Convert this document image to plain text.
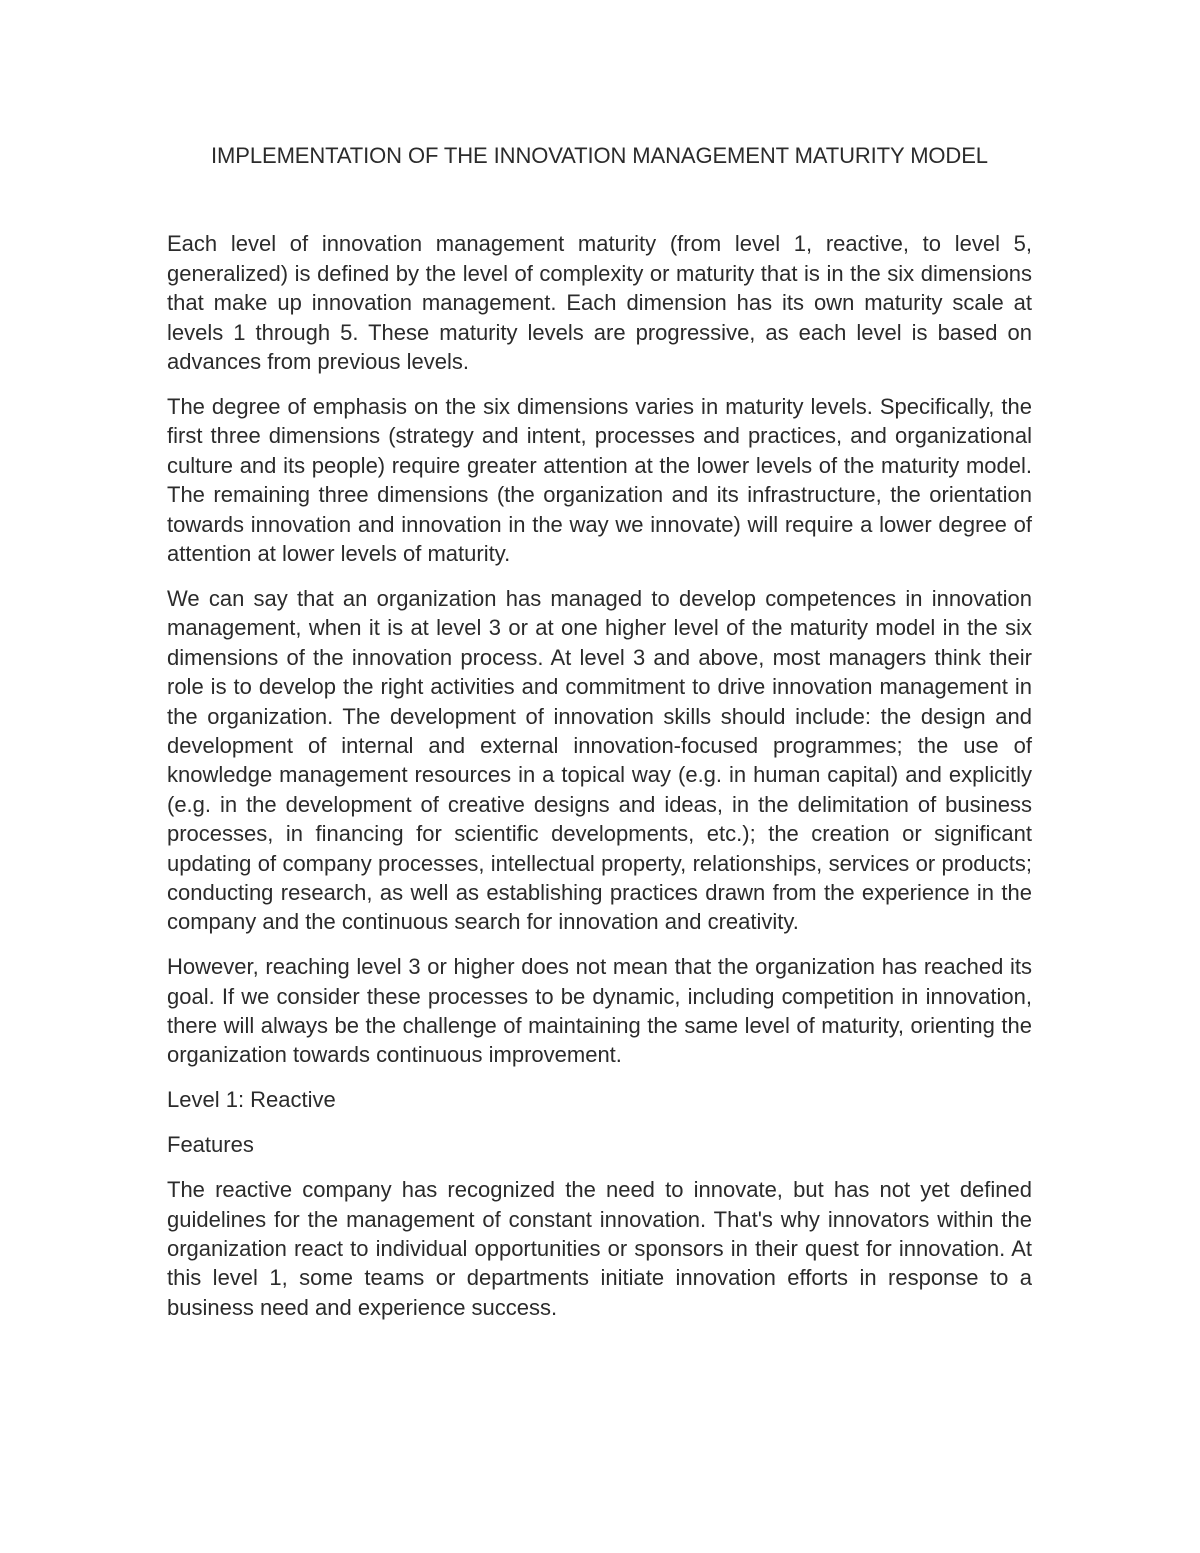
IMPLEMENTATION OF THE INNOVATION MANAGEMENT MATURITY MODEL

Each level of innovation management maturity (from level 1, reactive, to level 5, generalized) is defined by the level of complexity or maturity that is in the six dimensions that make up innovation management. Each dimension has its own maturity scale at levels 1 through 5. These maturity levels are progressive, as each level is based on advances from previous levels.

The degree of emphasis on the six dimensions varies in maturity levels. Specifically, the first three dimensions (strategy and intent, processes and practices, and organizational culture and its people) require greater attention at the lower levels of the maturity model. The remaining three dimensions (the organization and its infrastructure, the orientation towards innovation and innovation in the way we innovate) will require a lower degree of attention at lower levels of maturity.

We can say that an organization has managed to develop competences in innovation management, when it is at level 3 or at one higher level of the maturity model in the six dimensions of the innovation process. At level 3 and above, most managers think their role is to develop the right activities and commitment to drive innovation management in the organization. The development of innovation skills should include: the design and development of internal and external innovation-focused programmes; the use of knowledge management resources in a topical way (e.g. in human capital) and explicitly (e.g. in the development of creative designs and ideas, in the delimitation of business processes, in financing for scientific developments, etc.); the creation or significant updating of company processes, intellectual property, relationships, services or products; conducting research, as well as establishing practices drawn from the experience in the company and the continuous search for innovation and creativity.

However, reaching level 3 or higher does not mean that the organization has reached its goal. If we consider these processes to be dynamic, including competition in innovation, there will always be the challenge of maintaining the same level of maturity, orienting the organization towards continuous improvement.

Level 1: Reactive

Features

The reactive company has recognized the need to innovate, but has not yet defined guidelines for the management of constant innovation. That's why innovators within the organization react to individual opportunities or sponsors in their quest for innovation. At this level 1, some teams or departments initiate innovation efforts in response to a business need and experience success.
